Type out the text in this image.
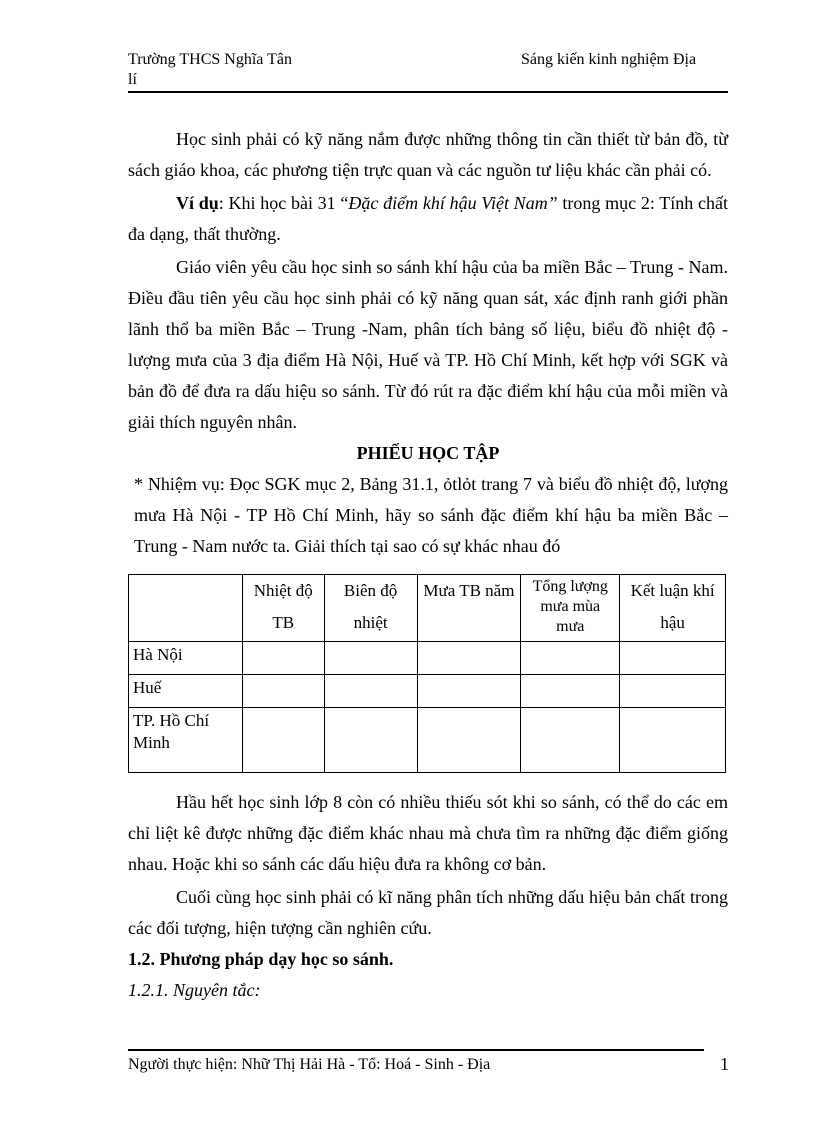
Trường THCS Nghĩa Tân
lí
Sáng kiến kinh nghiệm Địa

Học sinh phải có kỹ năng nắm được những thông tin cần thiết từ bản đồ, từ sách giáo khoa, các phương tiện trực quan và các nguồn tư liệu khác cần phải có.

Ví dụ: Khi học bài 31 “Đặc điểm khí hậu Việt Nam” trong mục 2: Tính chất đa dạng, thất thường.

Giáo viên yêu cầu học sinh so sánh khí hậu của ba miền Bắc – Trung - Nam. Điều đầu tiên yêu cầu học sinh phải có kỹ năng quan sát, xác định ranh giới phần lãnh thổ ba miền Bắc – Trung -Nam, phân tích bảng số liệu, biểu đồ nhiệt độ - lượng mưa của 3 địa điểm Hà Nội, Huế và TP. Hồ Chí Minh, kết hợp với SGK và bản đồ để đưa ra dấu hiệu so sánh. Từ đó rút ra đặc điểm khí hậu của mỗi miền và giải thích nguyên nhân.

PHIẾU HỌC TẬP

* Nhiệm vụ: Đọc SGK mục 2, Bảng 31.1, ỏtlỏt trang 7 và biểu đồ nhiệt độ, lượng mưa Hà Nội - TP Hồ Chí Minh, hãy so sánh đặc điểm khí hậu ba miền Bắc – Trung - Nam nước ta. Giải thích tại sao có sự khác nhau đó

	Nhiệt độ TB	Biên độ nhiệt	Mưa TB năm	Tổng lượng mưa mùa mưa	Kết luận khí hậu
Hà Nội					
Huế					
TP. Hồ Chí Minh					

Hầu hết học sinh lớp 8 còn có nhiều thiếu sót khi so sánh, có thể do các em chỉ liệt kê được những đặc điểm khác nhau mà chưa tìm ra những đặc điểm giống nhau. Hoặc khi so sánh các dấu hiệu đưa ra không cơ bản.

Cuối cùng học sinh phải có kĩ năng phân tích những dấu hiệu bản chất trong các đối tượng, hiện tượng cần nghiên cứu.

1.2. Phương pháp dạy học so sánh.

1.2.1. Nguyên tắc:

Người thực hiện: Nhữ Thị Hải Hà - Tổ: Hoá - Sinh - Địa	1
